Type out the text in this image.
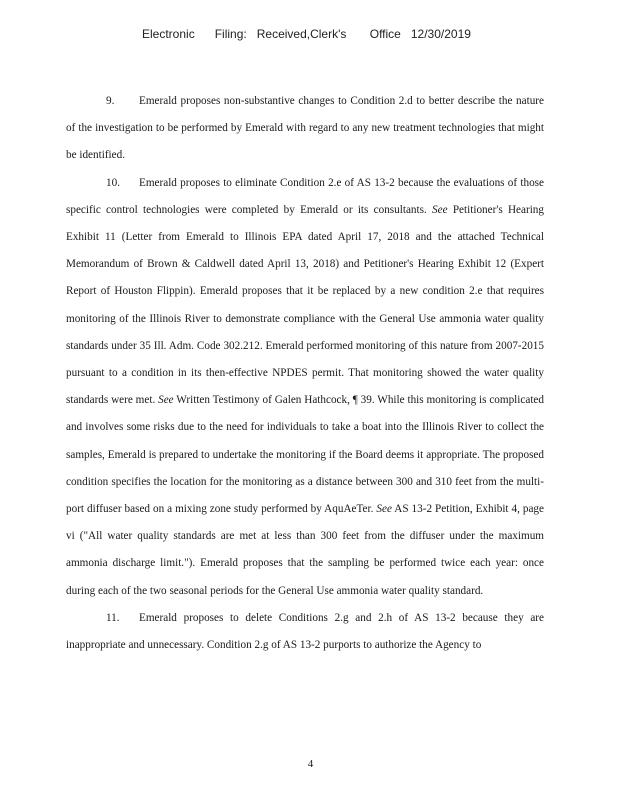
Electronic Filing: Received,Clerk's Office 12/30/2019

9. Emerald proposes non-substantive changes to Condition 2.d to better describe the nature of the investigation to be performed by Emerald with regard to any new treatment technologies that might be identified.

10. Emerald proposes to eliminate Condition 2.e of AS 13-2 because the evaluations of those specific control technologies were completed by Emerald or its consultants. See Petitioner's Hearing Exhibit 11 (Letter from Emerald to Illinois EPA dated April 17, 2018 and the attached Technical Memorandum of Brown & Caldwell dated April 13, 2018) and Petitioner's Hearing Exhibit 12 (Expert Report of Houston Flippin). Emerald proposes that it be replaced by a new condition 2.e that requires monitoring of the Illinois River to demonstrate compliance with the General Use ammonia water quality standards under 35 Ill. Adm. Code 302.212. Emerald performed monitoring of this nature from 2007-2015 pursuant to a condition in its then-effective NPDES permit. That monitoring showed the water quality standards were met. See Written Testimony of Galen Hathcock, ¶ 39. While this monitoring is complicated and involves some risks due to the need for individuals to take a boat into the Illinois River to collect the samples, Emerald is prepared to undertake the monitoring if the Board deems it appropriate. The proposed condition specifies the location for the monitoring as a distance between 300 and 310 feet from the multi-port diffuser based on a mixing zone study performed by AquAeTer. See AS 13-2 Petition, Exhibit 4, page vi ("All water quality standards are met at less than 300 feet from the diffuser under the maximum ammonia discharge limit."). Emerald proposes that the sampling be performed twice each year: once during each of the two seasonal periods for the General Use ammonia water quality standard.

11. Emerald proposes to delete Conditions 2.g and 2.h of AS 13-2 because they are inappropriate and unnecessary. Condition 2.g of AS 13-2 purports to authorize the Agency to

4
